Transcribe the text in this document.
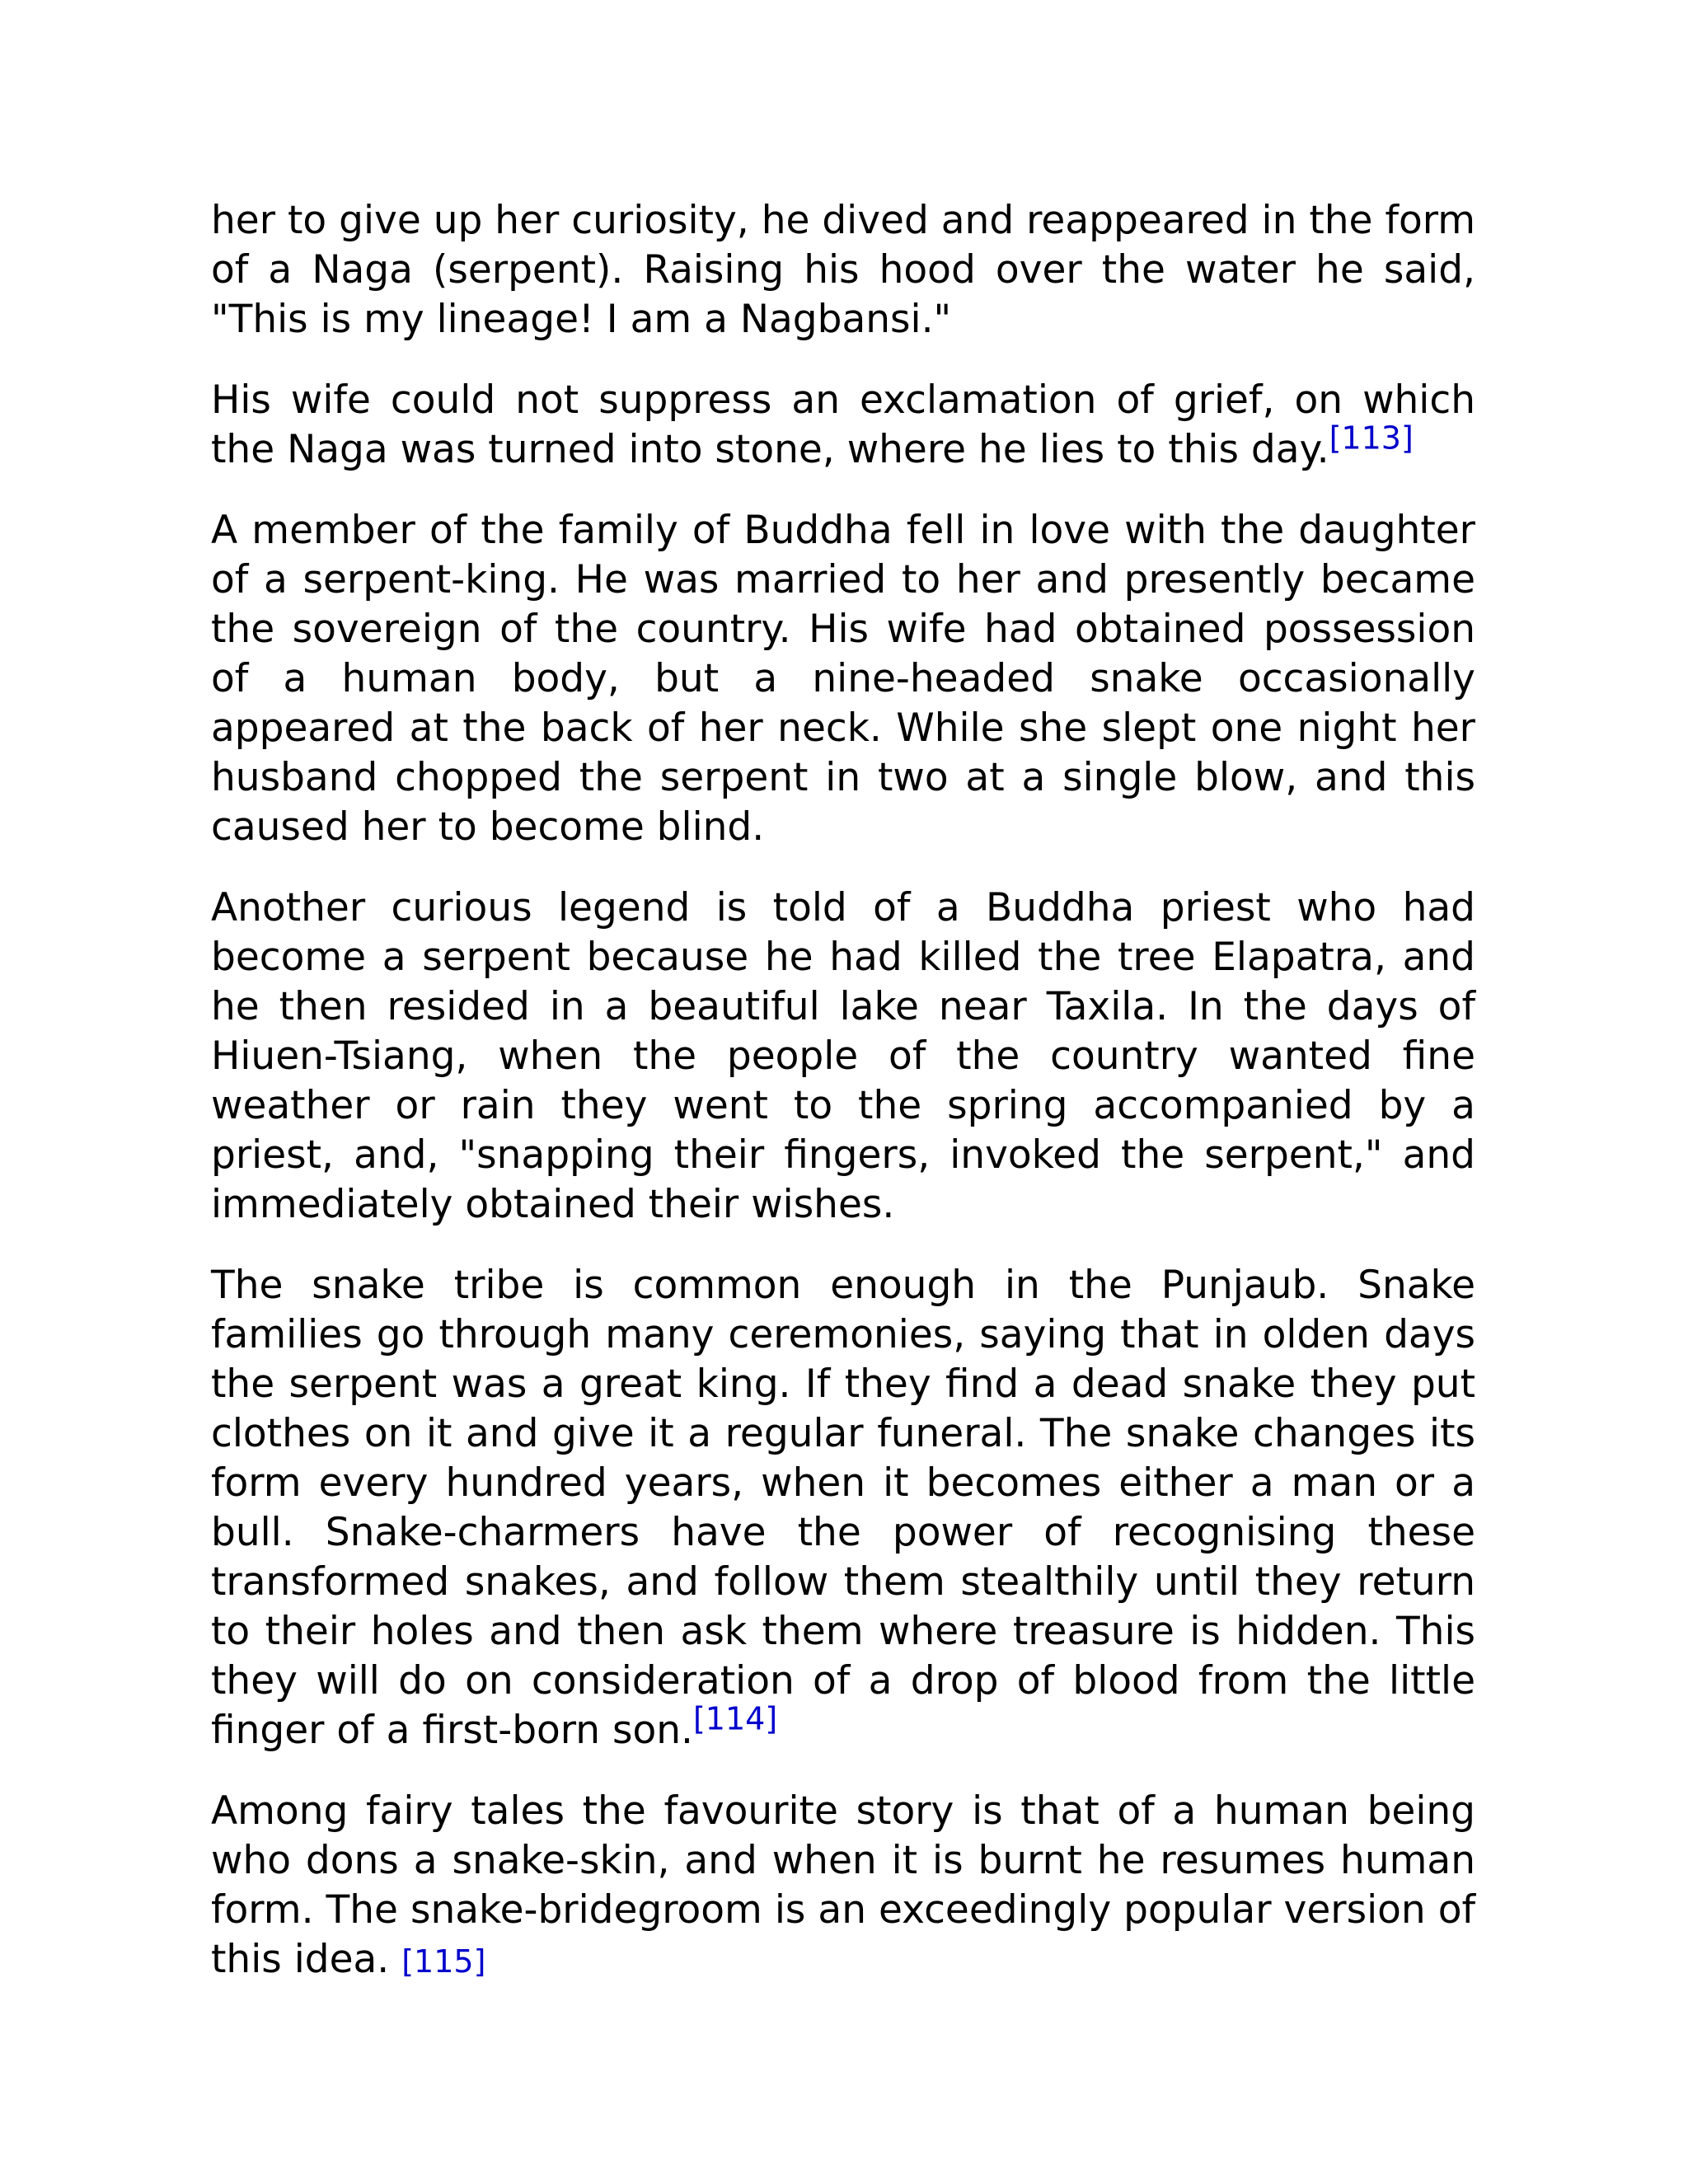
her to give up her curiosity, he dived and reappeared in the form of a Naga (serpent). Raising his hood over the water he said, "This is my lineage! I am a Nagbansi."

His wife could not suppress an exclamation of grief, on which the Naga was turned into stone, where he lies to this day.[113]

A member of the family of Buddha fell in love with the daughter of a serpent-king. He was married to her and presently became the sovereign of the country. His wife had obtained possession of a human body, but a nine-headed snake occasionally appeared at the back of her neck. While she slept one night her husband chopped the serpent in two at a single blow, and this caused her to become blind.

Another curious legend is told of a Buddha priest who had become a serpent because he had killed the tree Elapatra, and he then resided in a beautiful lake near Taxila. In the days of Hiuen-Tsiang, when the people of the country wanted fine weather or rain they went to the spring accompanied by a priest, and, "snapping their fingers, invoked the serpent," and immediately obtained their wishes.

The snake tribe is common enough in the Punjaub. Snake families go through many ceremonies, saying that in olden days the serpent was a great king. If they find a dead snake they put clothes on it and give it a regular funeral. The snake changes its form every hundred years, when it becomes either a man or a bull. Snake-charmers have the power of recognising these transformed snakes, and follow them stealthily until they return to their holes and then ask them where treasure is hidden. This they will do on consideration of a drop of blood from the little finger of a first-born son.[114]

Among fairy tales the favourite story is that of a human being who dons a snake-skin, and when it is burnt he resumes human form. The snake-bridegroom is an exceedingly popular version of this idea. [115]
